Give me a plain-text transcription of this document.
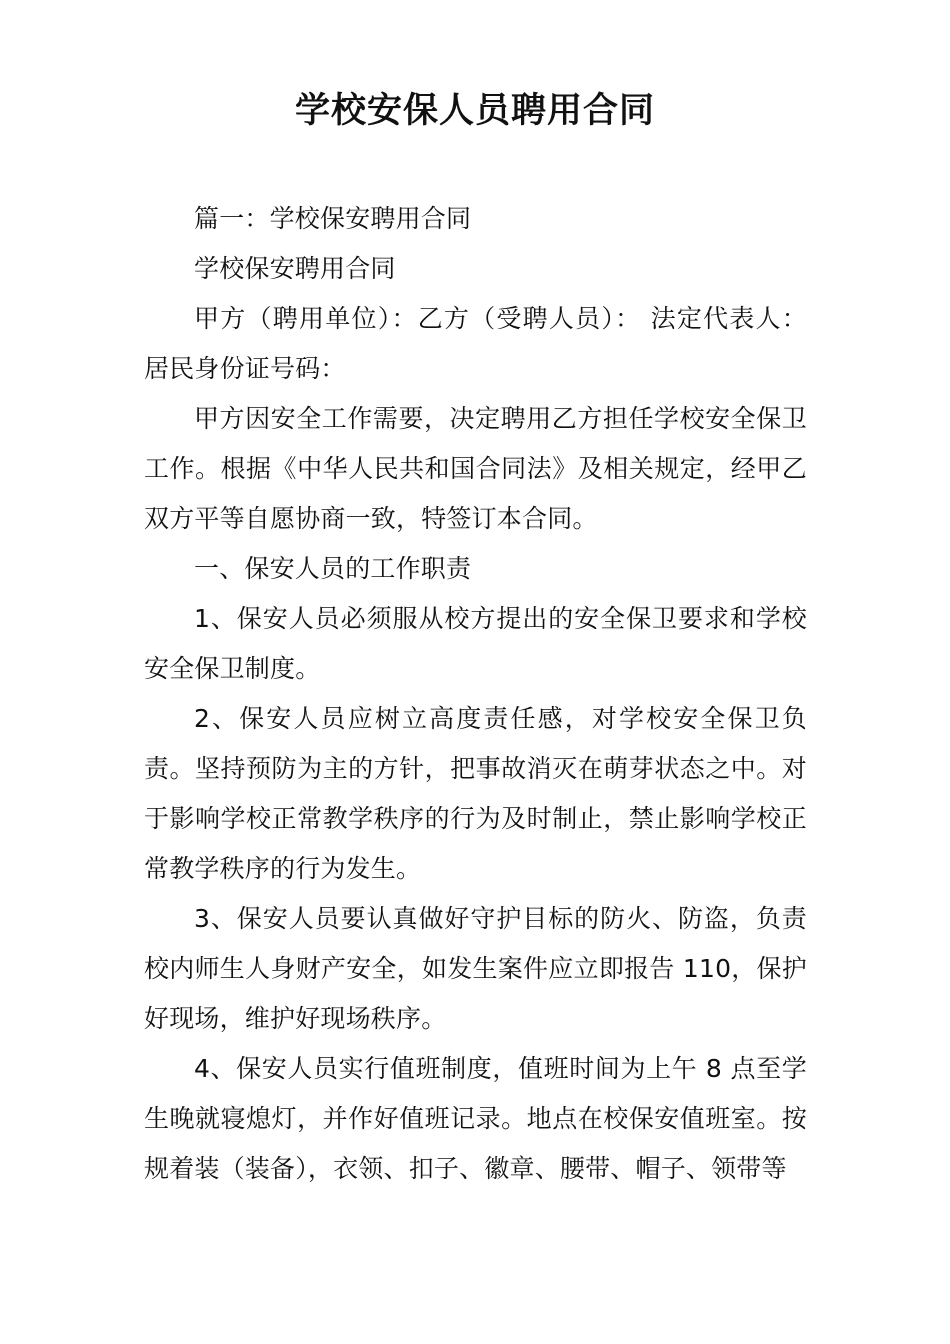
学校安保人员聘用合同

篇一：学校保安聘用合同

学校保安聘用合同

甲方（聘用单位）：乙方（受聘人员）： 法定代表人：居民身份证号码：

甲方因安全工作需要，决定聘用乙方担任学校安全保卫工作。根据《中华人民共和国合同法》及相关规定，经甲乙双方平等自愿协商一致，特签订本合同。

一、保安人员的工作职责

1、保安人员必须服从校方提出的安全保卫要求和学校安全保卫制度。

2、保安人员应树立高度责任感，对学校安全保卫负责。坚持预防为主的方针，把事故消灭在萌芽状态之中。对于影响学校正常教学秩序的行为及时制止，禁止影响学校正常教学秩序的行为发生。

3、保安人员要认真做好守护目标的防火、防盗，负责校内师生人身财产安全，如发生案件应立即报告 110，保护好现场，维护好现场秩序。

4、保安人员实行值班制度，值班时间为上午 8 点至学生晚就寝熄灯，并作好值班记录。地点在校保安值班室。按规着装（装备），衣领、扣子、徽章、腰带、帽子、领带等
